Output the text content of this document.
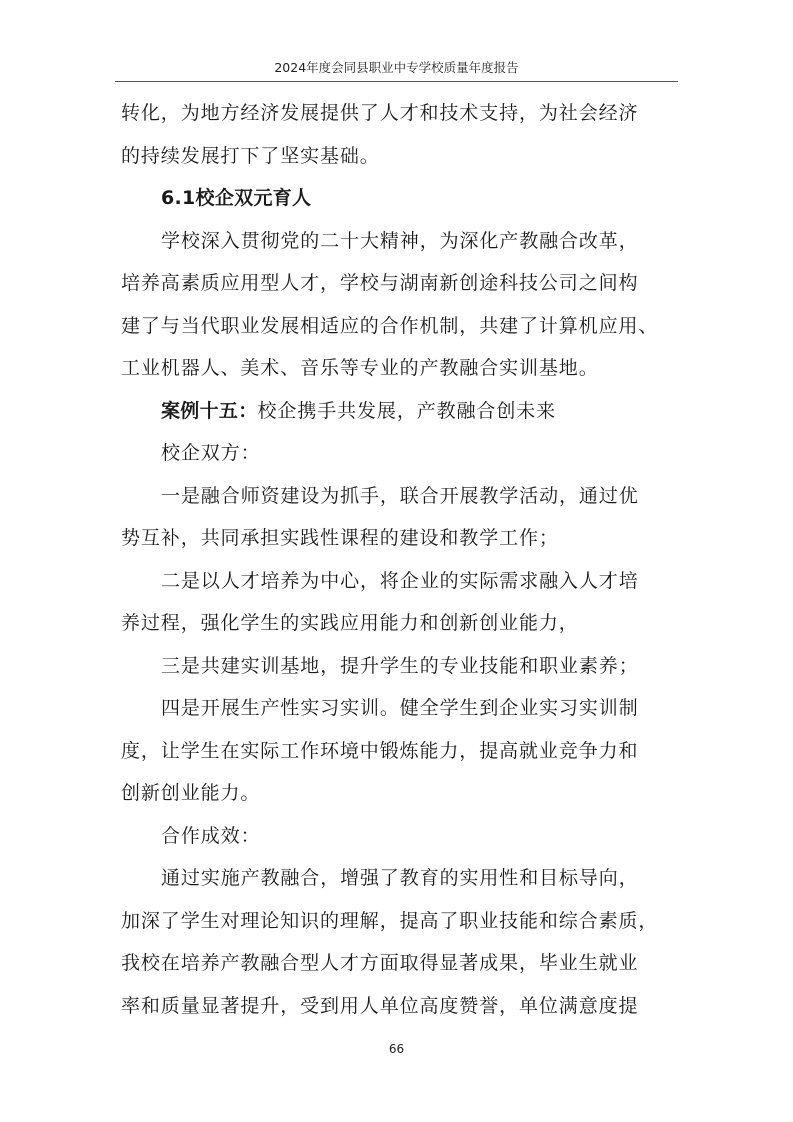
2024年度会同县职业中专学校质量年度报告
转化，为地方经济发展提供了人才和技术支持，为社会经济
的持续发展打下了坚实基础。
6.1校企双元育人
学校深入贯彻党的二十大精神，为深化产教融合改革，
培养高素质应用型人才，学校与湖南新创途科技公司之间构
建了与当代职业发展相适应的合作机制，共建了计算机应用、
工业机器人、美术、音乐等专业的产教融合实训基地。
案例十五：校企携手共发展，产教融合创未来
校企双方：
一是融合师资建设为抓手，联合开展教学活动，通过优
势互补，共同承担实践性课程的建设和教学工作；
二是以人才培养为中心，将企业的实际需求融入人才培
养过程，强化学生的实践应用能力和创新创业能力，
三是共建实训基地，提升学生的专业技能和职业素养；
四是开展生产性实习实训。健全学生到企业实习实训制
度，让学生在实际工作环境中锻炼能力，提高就业竞争力和
创新创业能力。
合作成效：
通过实施产教融合，增强了教育的实用性和目标导向，
加深了学生对理论知识的理解，提高了职业技能和综合素质，
我校在培养产教融合型人才方面取得显著成果，毕业生就业
率和质量显著提升，受到用人单位高度赞誉，单位满意度提
66
